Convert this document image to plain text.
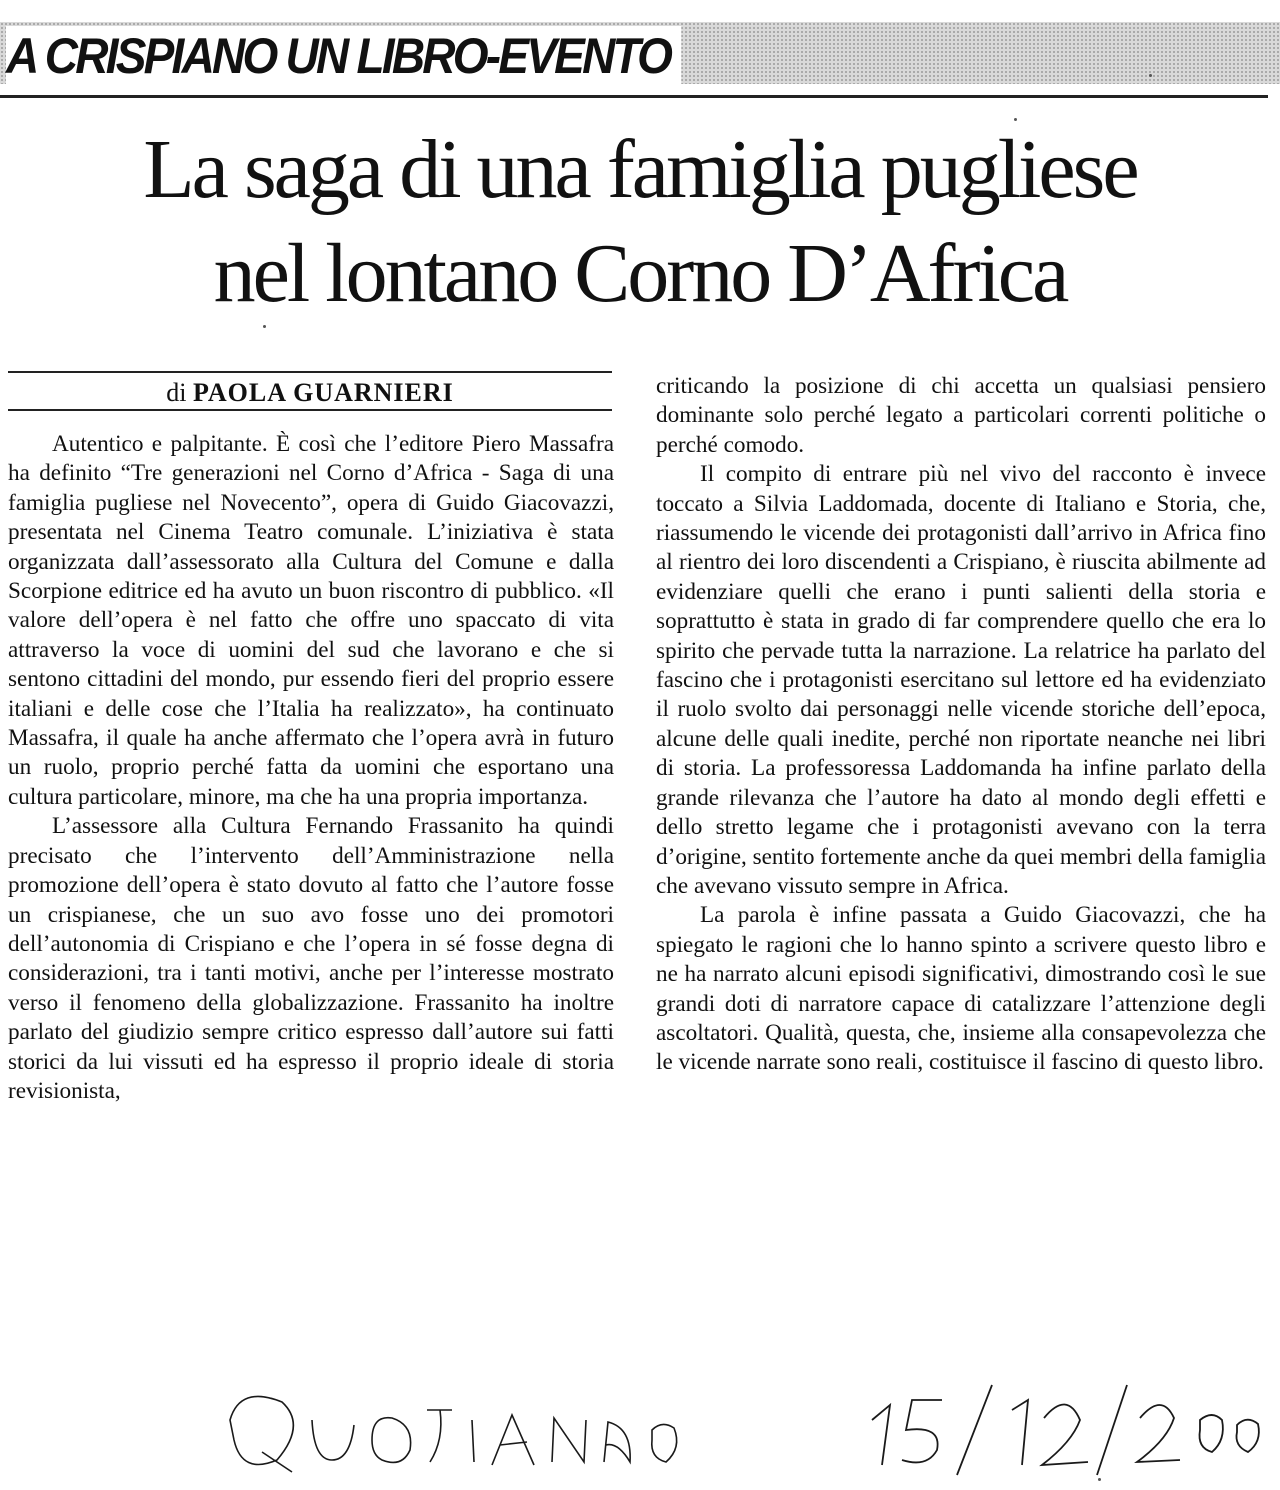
A CRISPIANO UN LIBRO-EVENTO
La saga di una famiglia pugliese
nel lontano Corno D’Africa
di PAOLA GUARNIERI

Autentico e palpitante. È così che l’editore Piero Massafra ha definito “Tre generazioni nel Corno d’Africa - Saga di una famiglia pugliese nel Novecento”, opera di Guido Giacovazzi, presentata nel Cinema Teatro comunale. L’iniziativa è stata organizzata dall’assessorato alla Cultura del Comune e dalla Scorpione editrice ed ha avuto un buon riscontro di pubblico. «Il valore dell’opera è nel fatto che offre uno spaccato di vita attraverso la voce di uomini del sud che lavorano e che si sentono cittadini del mondo, pur essendo fieri del proprio essere italiani e delle cose che l’Italia ha realizzato», ha continuato Massafra, il quale ha anche affermato che l’opera avrà in futuro un ruolo, proprio perché fatta da uomini che esportano una cultura particolare, minore, ma che ha una propria importanza.

L’assessore alla Cultura Fernando Frassanito ha quindi precisato che l’intervento dell’Amministrazione nella promozione dell’opera è stato dovuto al fatto che l’autore fosse un crispianese, che un suo avo fosse uno dei promotori dell’autonomia di Crispiano e che l’opera in sé fosse degna di considerazioni, tra i tanti motivi, anche per l’interesse mostrato verso il fenomeno della globalizzazione. Frassanito ha inoltre parlato del giudizio sempre critico espresso dall’autore sui fatti storici da lui vissuti ed ha espresso il proprio ideale di storia revisionista,

criticando la posizione di chi accetta un qualsiasi pensiero dominante solo perché legato a particolari correnti politiche o perché comodo.

Il compito di entrare più nel vivo del racconto è invece toccato a Silvia Laddomada, docente di Italiano e Storia, che, riassumendo le vicende dei protagonisti dall’arrivo in Africa fino al rientro dei loro discendenti a Crispiano, è riuscita abilmente ad evidenziare quelli che erano i punti salienti della storia e soprattutto è stata in grado di far comprendere quello che era lo spirito che pervade tutta la narrazione. La relatrice ha parlato del fascino che i protagonisti esercitano sul lettore ed ha evidenziato il ruolo svolto dai personaggi nelle vicende storiche dell’epoca, alcune delle quali inedite, perché non riportate neanche nei libri di storia. La professoressa Laddomanda ha infine parlato della grande rilevanza che l’autore ha dato al mondo degli effetti e dello stretto legame che i protagonisti avevano con la terra d’origine, sentito fortemente anche da quei membri della famiglia che avevano vissuto sempre in Africa.

La parola è infine passata a Guido Giacovazzi, che ha spiegato le ragioni che lo hanno spinto a scrivere questo libro e ne ha narrato alcuni episodi significativi, dimostrando così le sue grandi doti di narratore capace di catalizzare l’attenzione degli ascoltatori. Qualità, questa, che, insieme alla consapevolezza che le vicende narrate sono reali, costituisce il fascino di questo libro.
